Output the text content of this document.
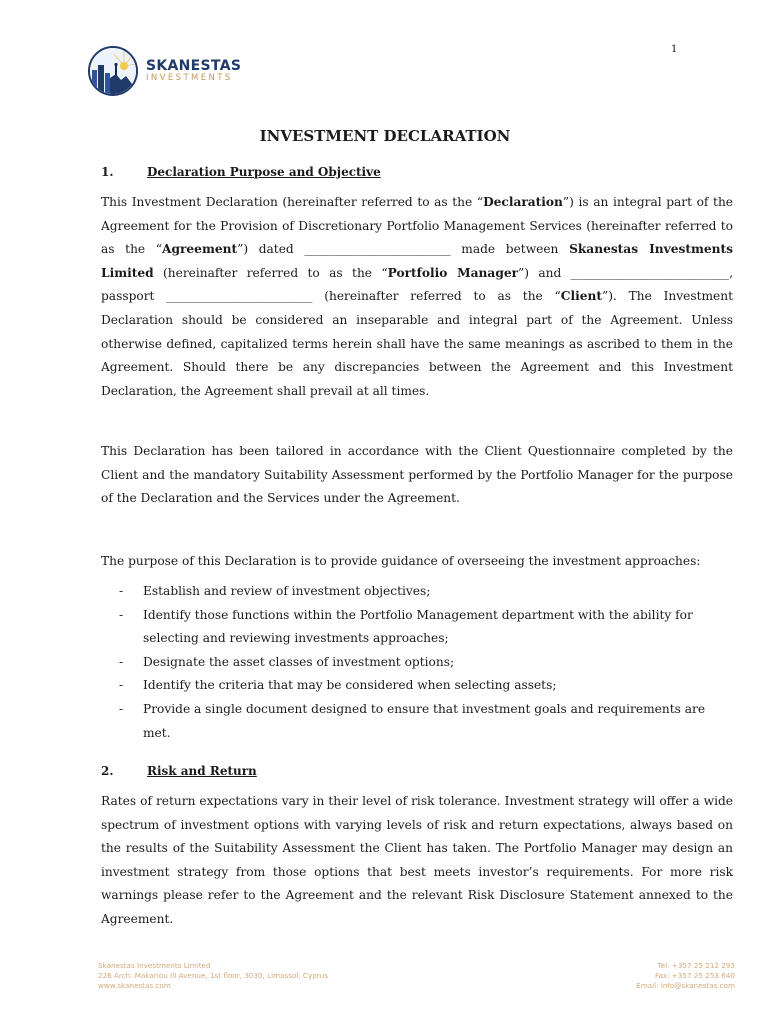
1
SKANESTAS
INVESTMENTS
INVESTMENT DECLARATION
1.	Declaration Purpose and Objective

This Investment Declaration (hereinafter referred to as the “Declaration”) is an integral part of the Agreement for the Provision of Discretionary Portfolio Management Services (hereinafter referred to as the “Agreement”) dated ________________________ made between Skanestas Investments Limited (hereinafter referred to as the “Portfolio Manager”) and __________________________, passport ________________________ (hereinafter referred to as the “Client”). The Investment Declaration should be considered an inseparable and integral part of the Agreement. Unless otherwise defined, capitalized terms herein shall have the same meanings as ascribed to them in the Agreement. Should there be any discrepancies between the Agreement and this Investment Declaration, the Agreement shall prevail at all times.

This Declaration has been tailored in accordance with the Client Questionnaire completed by the Client and the mandatory Suitability Assessment performed by the Portfolio Manager for the purpose of the Declaration and the Services under the Agreement.

The purpose of this Declaration is to provide guidance of overseeing the investment approaches:

- Establish and review of investment objectives;
- Identify those functions within the Portfolio Management department with the ability for selecting and reviewing investments approaches;
- Designate the asset classes of investment options;
- Identify the criteria that may be considered when selecting assets;
- Provide a single document designed to ensure that investment goals and requirements are met.
2.	Risk and Return

Rates of return expectations vary in their level of risk tolerance. Investment strategy will offer a wide spectrum of investment options with varying levels of risk and return expectations, always based on the results of the Suitability Assessment the Client has taken. The Portfolio Manager may design an investment strategy from those options that best meets investor’s requirements. For more risk warnings please refer to the Agreement and the relevant Risk Disclosure Statement annexed to the Agreement.

Skanestas Investments Limited
226 Arch. Makariou III Avenue, 1st floor, 3030, Limassol, Cyprus
www.skanestas.com
Tel: +357 25 212 293
Fax: +357 25 253 640
Email: info@skanestas.com
